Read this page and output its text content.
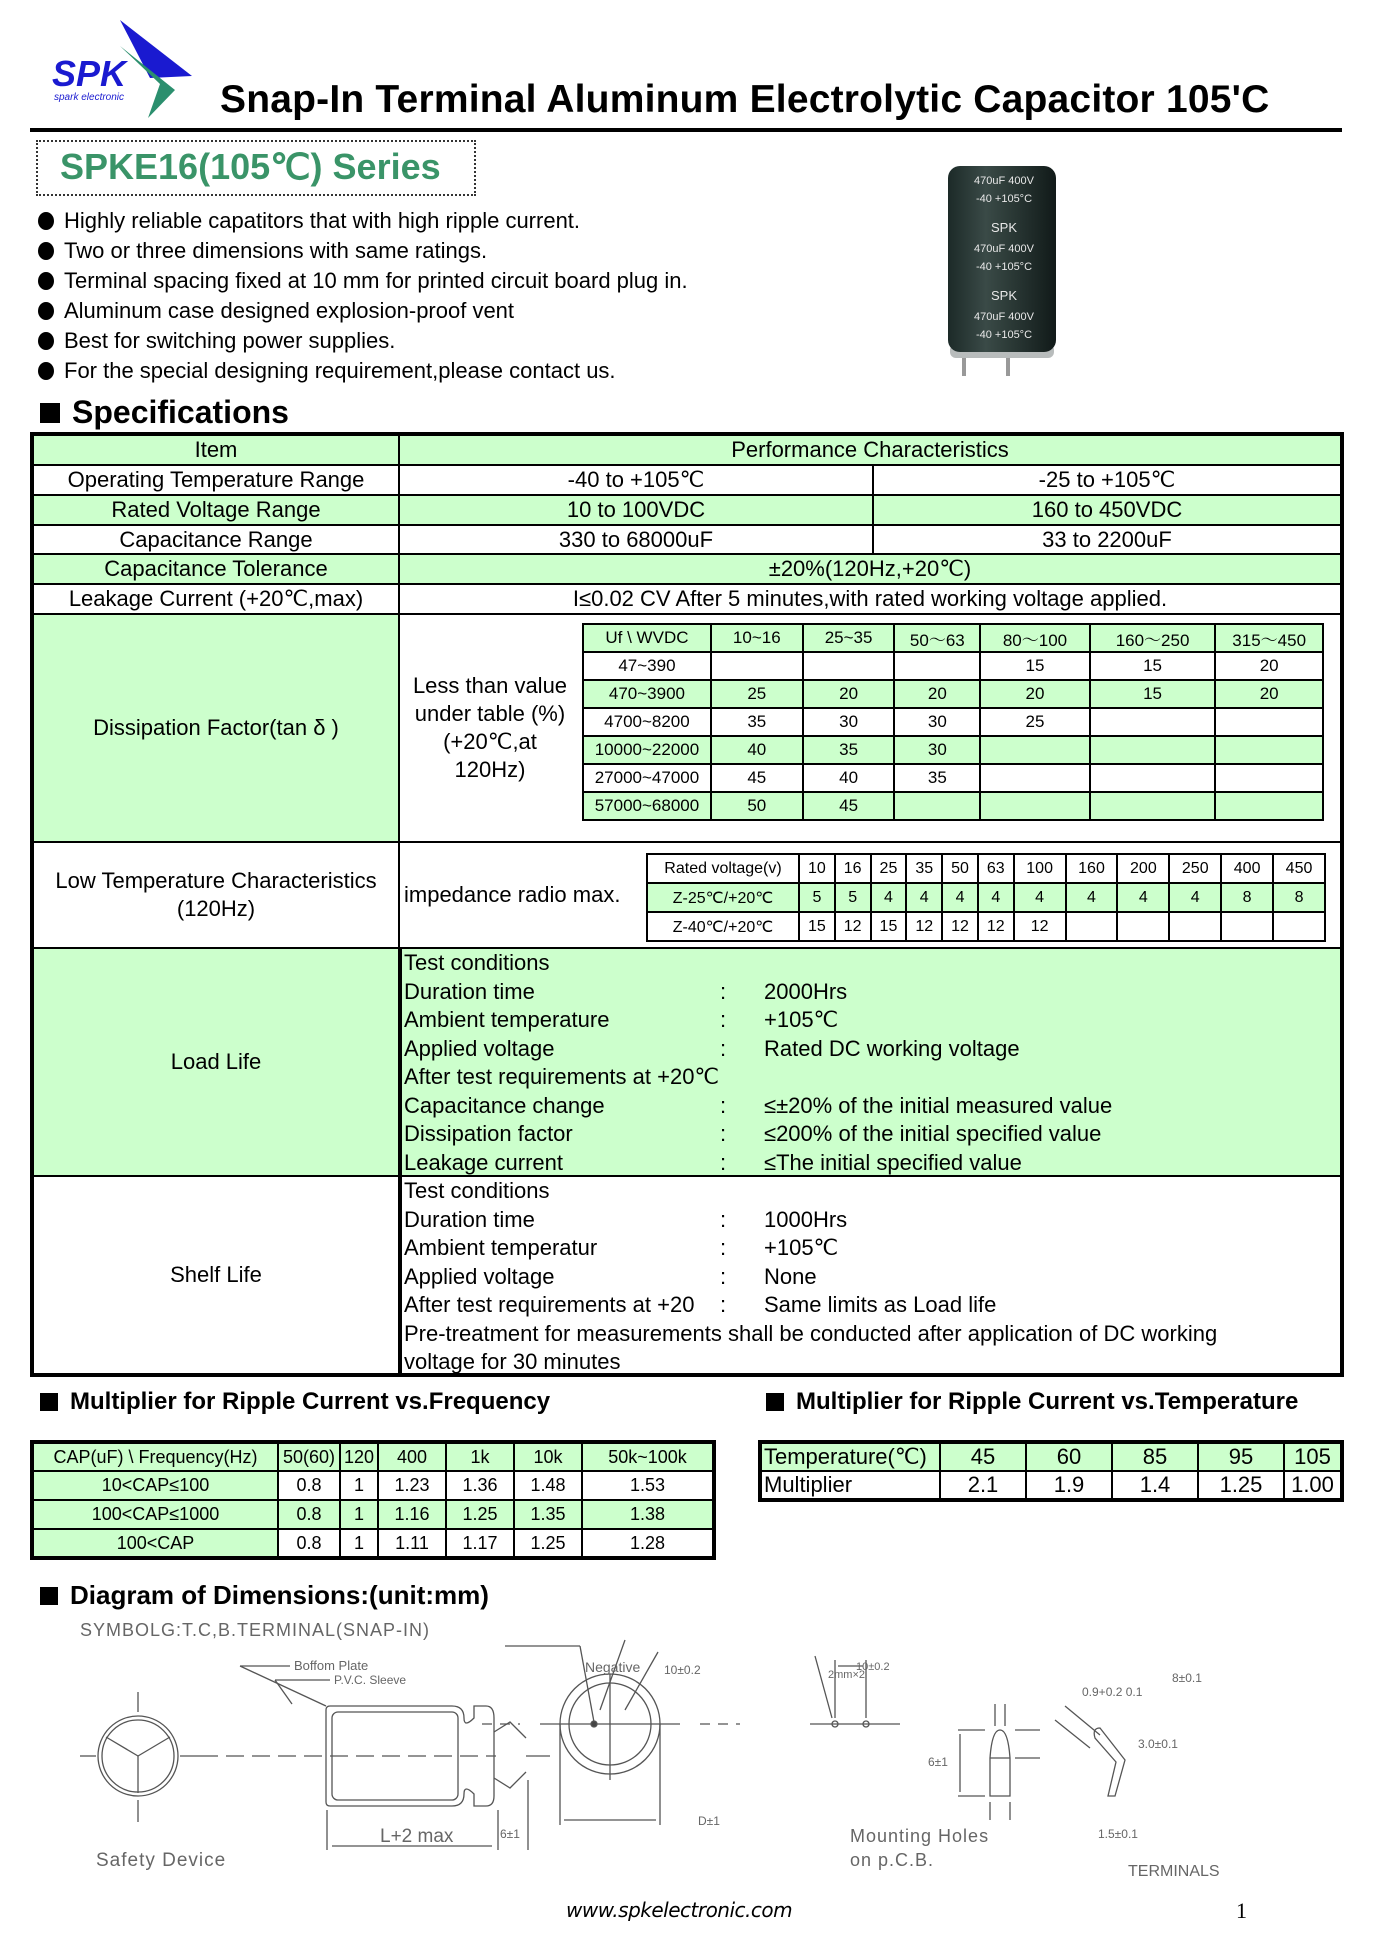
SPK
spark electronic Snap-In Terminal Aluminum Electrolytic Capacitor 105'C
SPKE16(105℃) Series
Highly reliable capatitors that with high ripple current.
Two or three dimensions with same ratings.
Terminal spacing fixed at 10 mm for printed circuit board plug in.
Aluminum case designed explosion-proof vent
Best for switching power supplies.
For the special designing requirement,please contact us.
470uF 400V
-40 +105°C
SPK
470uF 400V
-40 +105°C
SPK
470uF 400V
-40 +105°C
Specifications
Item	Performance Characteristics
Operating Temperature Range	-40 to +105℃	-25 to +105℃
Rated Voltage Range	10 to 100VDC	160 to 450VDC
Capacitance Range	330 to 68000uF	33 to 2200uF
Capacitance Tolerance	±20%(120Hz,+20℃)
Leakage Current (+20℃,max)	I≤0.02 CV After 5 minutes,with rated working voltage applied.
Dissipation Factor(tan δ )
Less than value
under table (%)
(+20℃,at
120Hz)
Uf \ WVDC	10~16	25~35	50～63	80～100	160～250	315～450
47~390				15	15	20
470~3900	25	20	20	20	15	20
4700~8200	35	30	30	25		
10000~22000	40	35	30			
27000~47000	45	40	35			
57000~68000	50	45				
Low Temperature Characteristics
(120Hz)
impedance radio max.
Rated voltage(v)	10	16	25	35	50	63	100	160	200	250	400	450
Z-25℃/+20℃	5	5	4	4	4	4	4	4	4	4	8	8
Z-40℃/+20℃	15	12	15	12	12	12	12					
Load Life
Test conditions
Duration time	: 2000Hrs
Ambient temperature	: +105℃
Applied voltage	: Rated DC working voltage
After test requirements at +20℃
Capacitance change	: ≤±20% of the initial measured value
Dissipation factor	: ≤200% of the initial specified value
Leakage current	: ≤The initial specified value
Shelf Life
Test conditions
Duration time	: 1000Hrs
Ambient temperatur	: +105℃
Applied voltage	: None
After test requirements at +20 : Same limits as Load life
Pre-treatment for measurements shall be conducted after application of DC working
voltage for 30 minutes
Multiplier for Ripple Current vs.Frequency
CAP(uF) \ Frequency(Hz)	50(60)	120	400	1k	10k	50k~100k
10<CAP≤100	0.8	1	1.23	1.36	1.48	1.53
100<CAP≤1000	0.8	1	1.16	1.25	1.35	1.38
100<CAP	0.8	1	1.11	1.17	1.25	1.28
Multiplier for Ripple Current vs.Temperature
Temperature(℃)	45	60	85	95	105
Multiplier	2.1	1.9	1.4	1.25	1.00
Diagram of Dimensions:(unit:mm)
SYMBOLG:T.C,B.TERMINAL(SNAP-IN)
Safety Device
Boffom Plate
P.V.C. Sleeve
L+2 max	6±1
Negative 10±0.2
D±1
2mm×2
10±0.2
Mounting Holes
on p.C.B.
0.9+0.2 0.1
6±1
3.0±0.1
1.5±0.1
8±0.1
TERMINALS
www.spkelectronic.com	1
